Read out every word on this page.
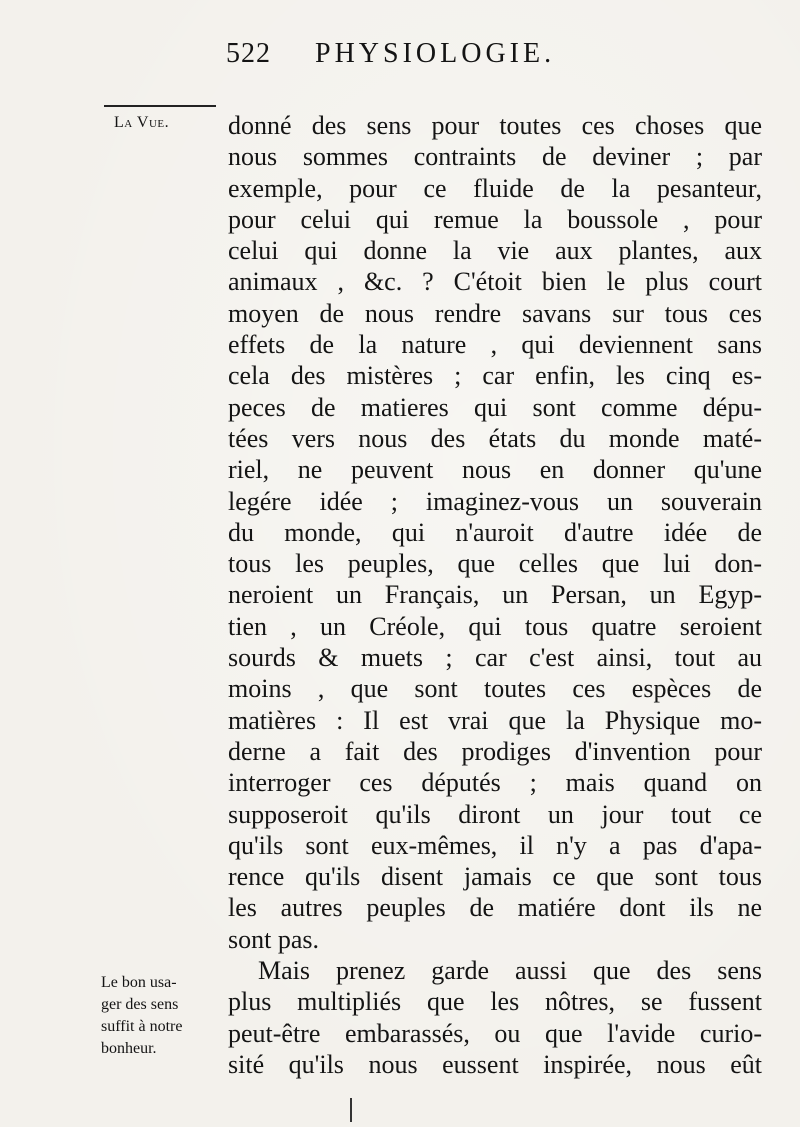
522 PHYSIOLOGIE.
La Vue.	donné des sens pour toutes ces choses que
nous sommes contraints de deviner ; par
exemple, pour ce fluide de la pesanteur,
pour celui qui remue la boussole , pour
celui qui donne la vie aux plantes, aux
animaux , &c. ? C'étoit bien le plus court
moyen de nous rendre savans sur tous ces
effets de la nature , qui deviennent sans
cela des mistères ; car enfin, les cinq es-
peces de matieres qui sont comme dépu-
tées vers nous des états du monde maté-
riel, ne peuvent nous en donner qu'une
legére idée ; imaginez-vous un souverain
du monde, qui n'auroit d'autre idée de
tous les peuples, que celles que lui don-
neroient un Français, un Persan, un Egyp-
tien , un Créole, qui tous quatre seroient
sourds & muets ; car c'est ainsi, tout au
moins , que sont toutes ces espèces de
matières : Il est vrai que la Physique mo-
derne a fait des prodiges d'invention pour
interroger ces députés ; mais quand on
supposeroit qu'ils diront un jour tout ce
qu'ils sont eux-mêmes, il n'y a pas d'apa-
rence qu'ils disent jamais ce que sont tous
les autres peuples de matiére dont ils ne
sont pas.
Mais prenez garde aussi que des sens
plus multipliés que les nôtres, se fussent
peut-être embarassés, ou que l'avide curio-
sité qu'ils nous eussent inspirée, nous eût
Le bon usa-
ger des sens
suffit à notre
bonheur.
